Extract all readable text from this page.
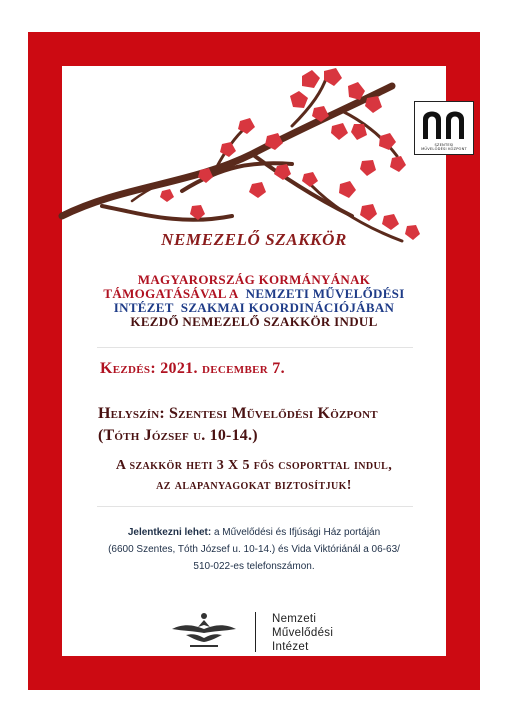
SZENTESI
MŰVELŐDÉSI KÖZPONT
NEMEZELŐ SZAKKÖR
MAGYARORSZÁG KORMÁNYÁNAK
TÁMOGATÁSÁVAL A NEMZETI MŰVELŐDÉSI
INTÉZET SZAKMAI KOORDINÁCIÓJÁBAN
KEZDŐ NEMEZELŐ SZAKKÖR INDUL
Kezdés: 2021. december 7.
Helyszín: Szentesi Művelődési Központ
(Tóth József u. 10-14.)
A szakkör heti 3 X 5 fős csoporttal indul,
az alapanyagokat biztosítjuk!
Jelentkezni lehet: a Művelődési és Ifjúsági Ház portáján
(6600 Szentes, Tóth József u. 10-14.) és Vida Viktóriánál a 06-63/
510-022-es telefonszámon.
Nemzeti
Művelődési
Intézet
